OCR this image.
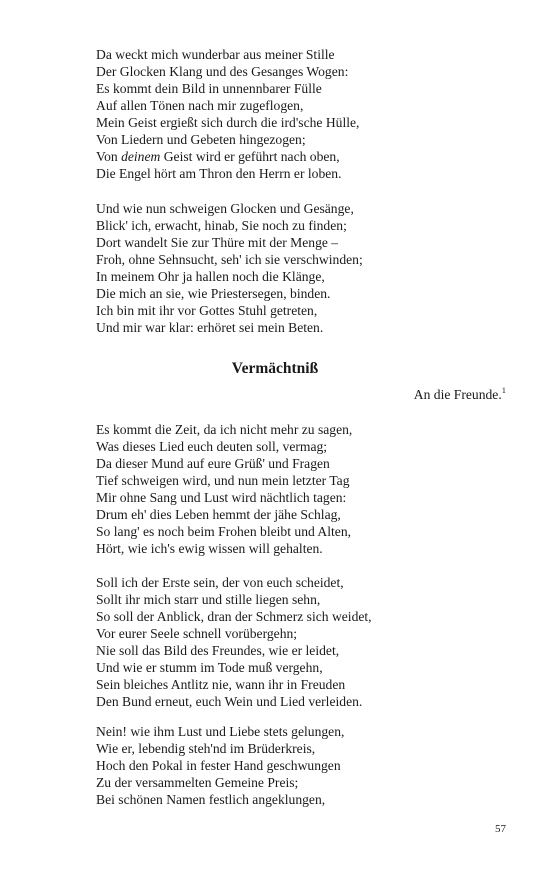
Da weckt mich wunderbar aus meiner Stille
Der Glocken Klang und des Gesanges Wogen:
Es kommt dein Bild in unnennbarer Fülle
Auf allen Tönen nach mir zugeflogen,
Mein Geist ergießt sich durch die ird'sche Hülle,
Von Liedern und Gebeten hingezogen;
Von deinem Geist wird er geführt nach oben,
Die Engel hört am Thron den Herrn er loben.
Und wie nun schweigen Glocken und Gesänge,
Blick' ich, erwacht, hinab, Sie noch zu finden;
Dort wandelt Sie zur Thüre mit der Menge –
Froh, ohne Sehnsucht, seh' ich sie verschwinden;
In meinem Ohr ja hallen noch die Klänge,
Die mich an sie, wie Priestersegen, binden.
Ich bin mit ihr vor Gottes Stuhl getreten,
Und mir war klar: erhöret sei mein Beten.
Vermächtniß
An die Freunde.$^1$
Es kommt die Zeit, da ich nicht mehr zu sagen,
Was dieses Lied euch deuten soll, vermag;
Da dieser Mund auf eure Grüß' und Fragen
Tief schweigen wird, und nun mein letzter Tag
Mir ohne Sang und Lust wird nächtlich tagen:
Drum eh' dies Leben hemmt der jähe Schlag,
So lang' es noch beim Frohen bleibt und Alten,
Hört, wie ich's ewig wissen will gehalten.
Soll ich der Erste sein, der von euch scheidet,
Sollt ihr mich starr und stille liegen sehn,
So soll der Anblick, dran der Schmerz sich weidet,
Vor eurer Seele schnell vorübergehn;
Nie soll das Bild des Freundes, wie er leidet,
Und wie er stumm im Tode muß vergehn,
Sein bleiches Antlitz nie, wann ihr in Freuden
Den Bund erneut, euch Wein und Lied verleiden.
Nein! wie ihm Lust und Liebe stets gelungen,
Wie er, lebendig steh'nd im Brüderkreis,
Hoch den Pokal in fester Hand geschwungen
Zu der versammelten Gemeine Preis;
Bei schönen Namen festlich angeklungen,
57
